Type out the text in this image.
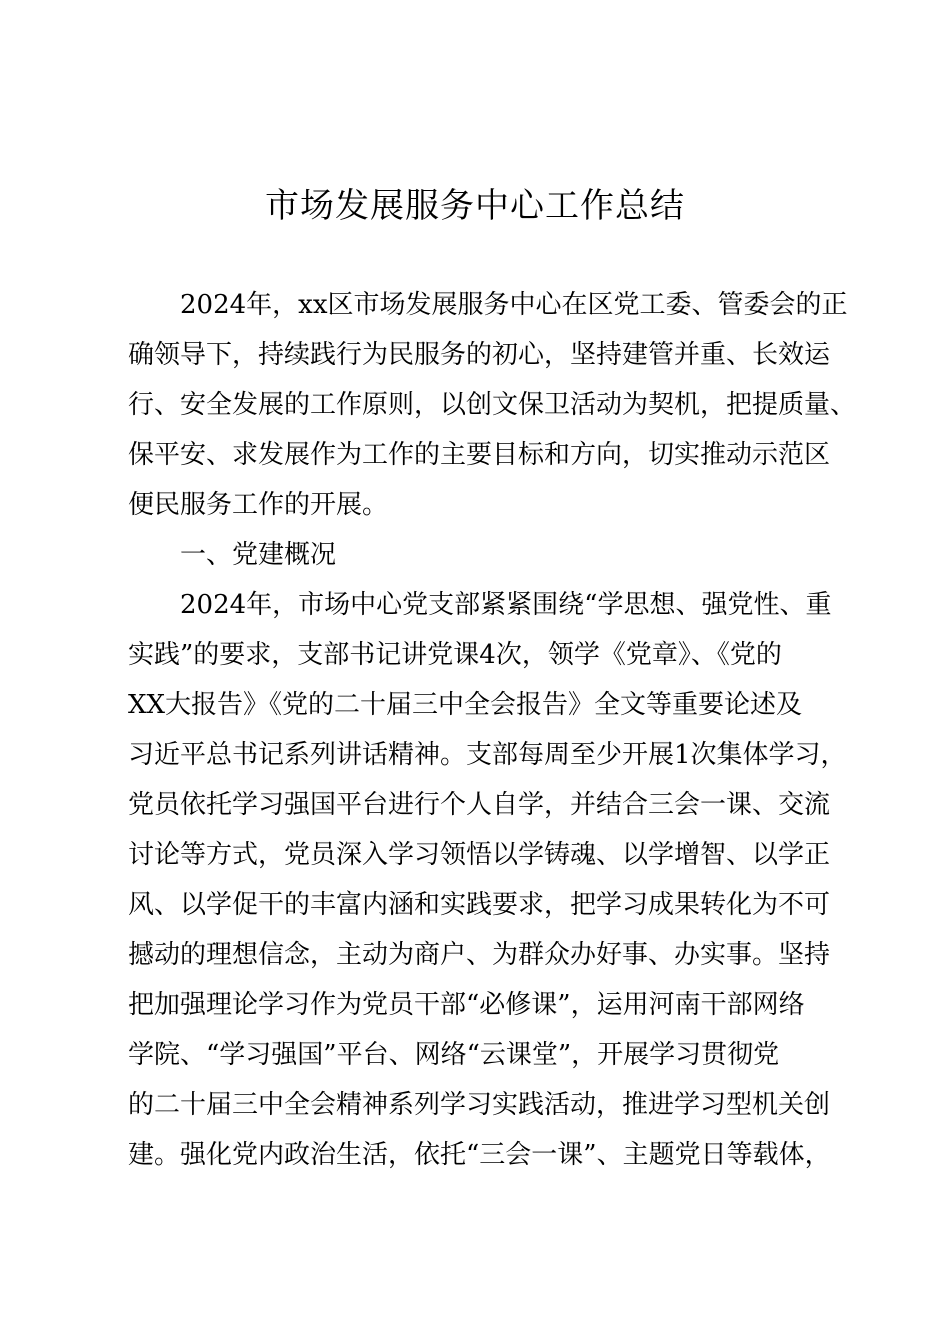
市场发展服务中心工作总结
　　2024年，xx区市场发展服务中心在区党工委、管委会的正
确领导下，持续践行为民服务的初心，坚持建管并重、长效运
行、安全发展的工作原则，以创文保卫活动为契机，把提质量、
保平安、求发展作为工作的主要目标和方向，切实推动示范区
便民服务工作的开展。
　　一、党建概况
　　2024年，市场中心党支部紧紧围绕“学思想、强党性、重
实践”的要求，支部书记讲党课4次，领学《党章》、《党的
XX大报告》《党的二十届三中全会报告》全文等重要论述及
习近平总书记系列讲话精神。支部每周至少开展1次集体学习，
党员依托学习强国平台进行个人自学，并结合三会一课、交流
讨论等方式，党员深入学习领悟以学铸魂、以学增智、以学正
风、以学促干的丰富内涵和实践要求，把学习成果转化为不可
撼动的理想信念，主动为商户、为群众办好事、办实事。坚持
把加强理论学习作为党员干部“必修课”，运用河南干部网络
学院、“学习强国”平台、网络“云课堂”，开展学习贯彻党
的二十届三中全会精神系列学习实践活动，推进学习型机关创
建。强化党内政治生活，依托“三会一课”、主题党日等载体，
